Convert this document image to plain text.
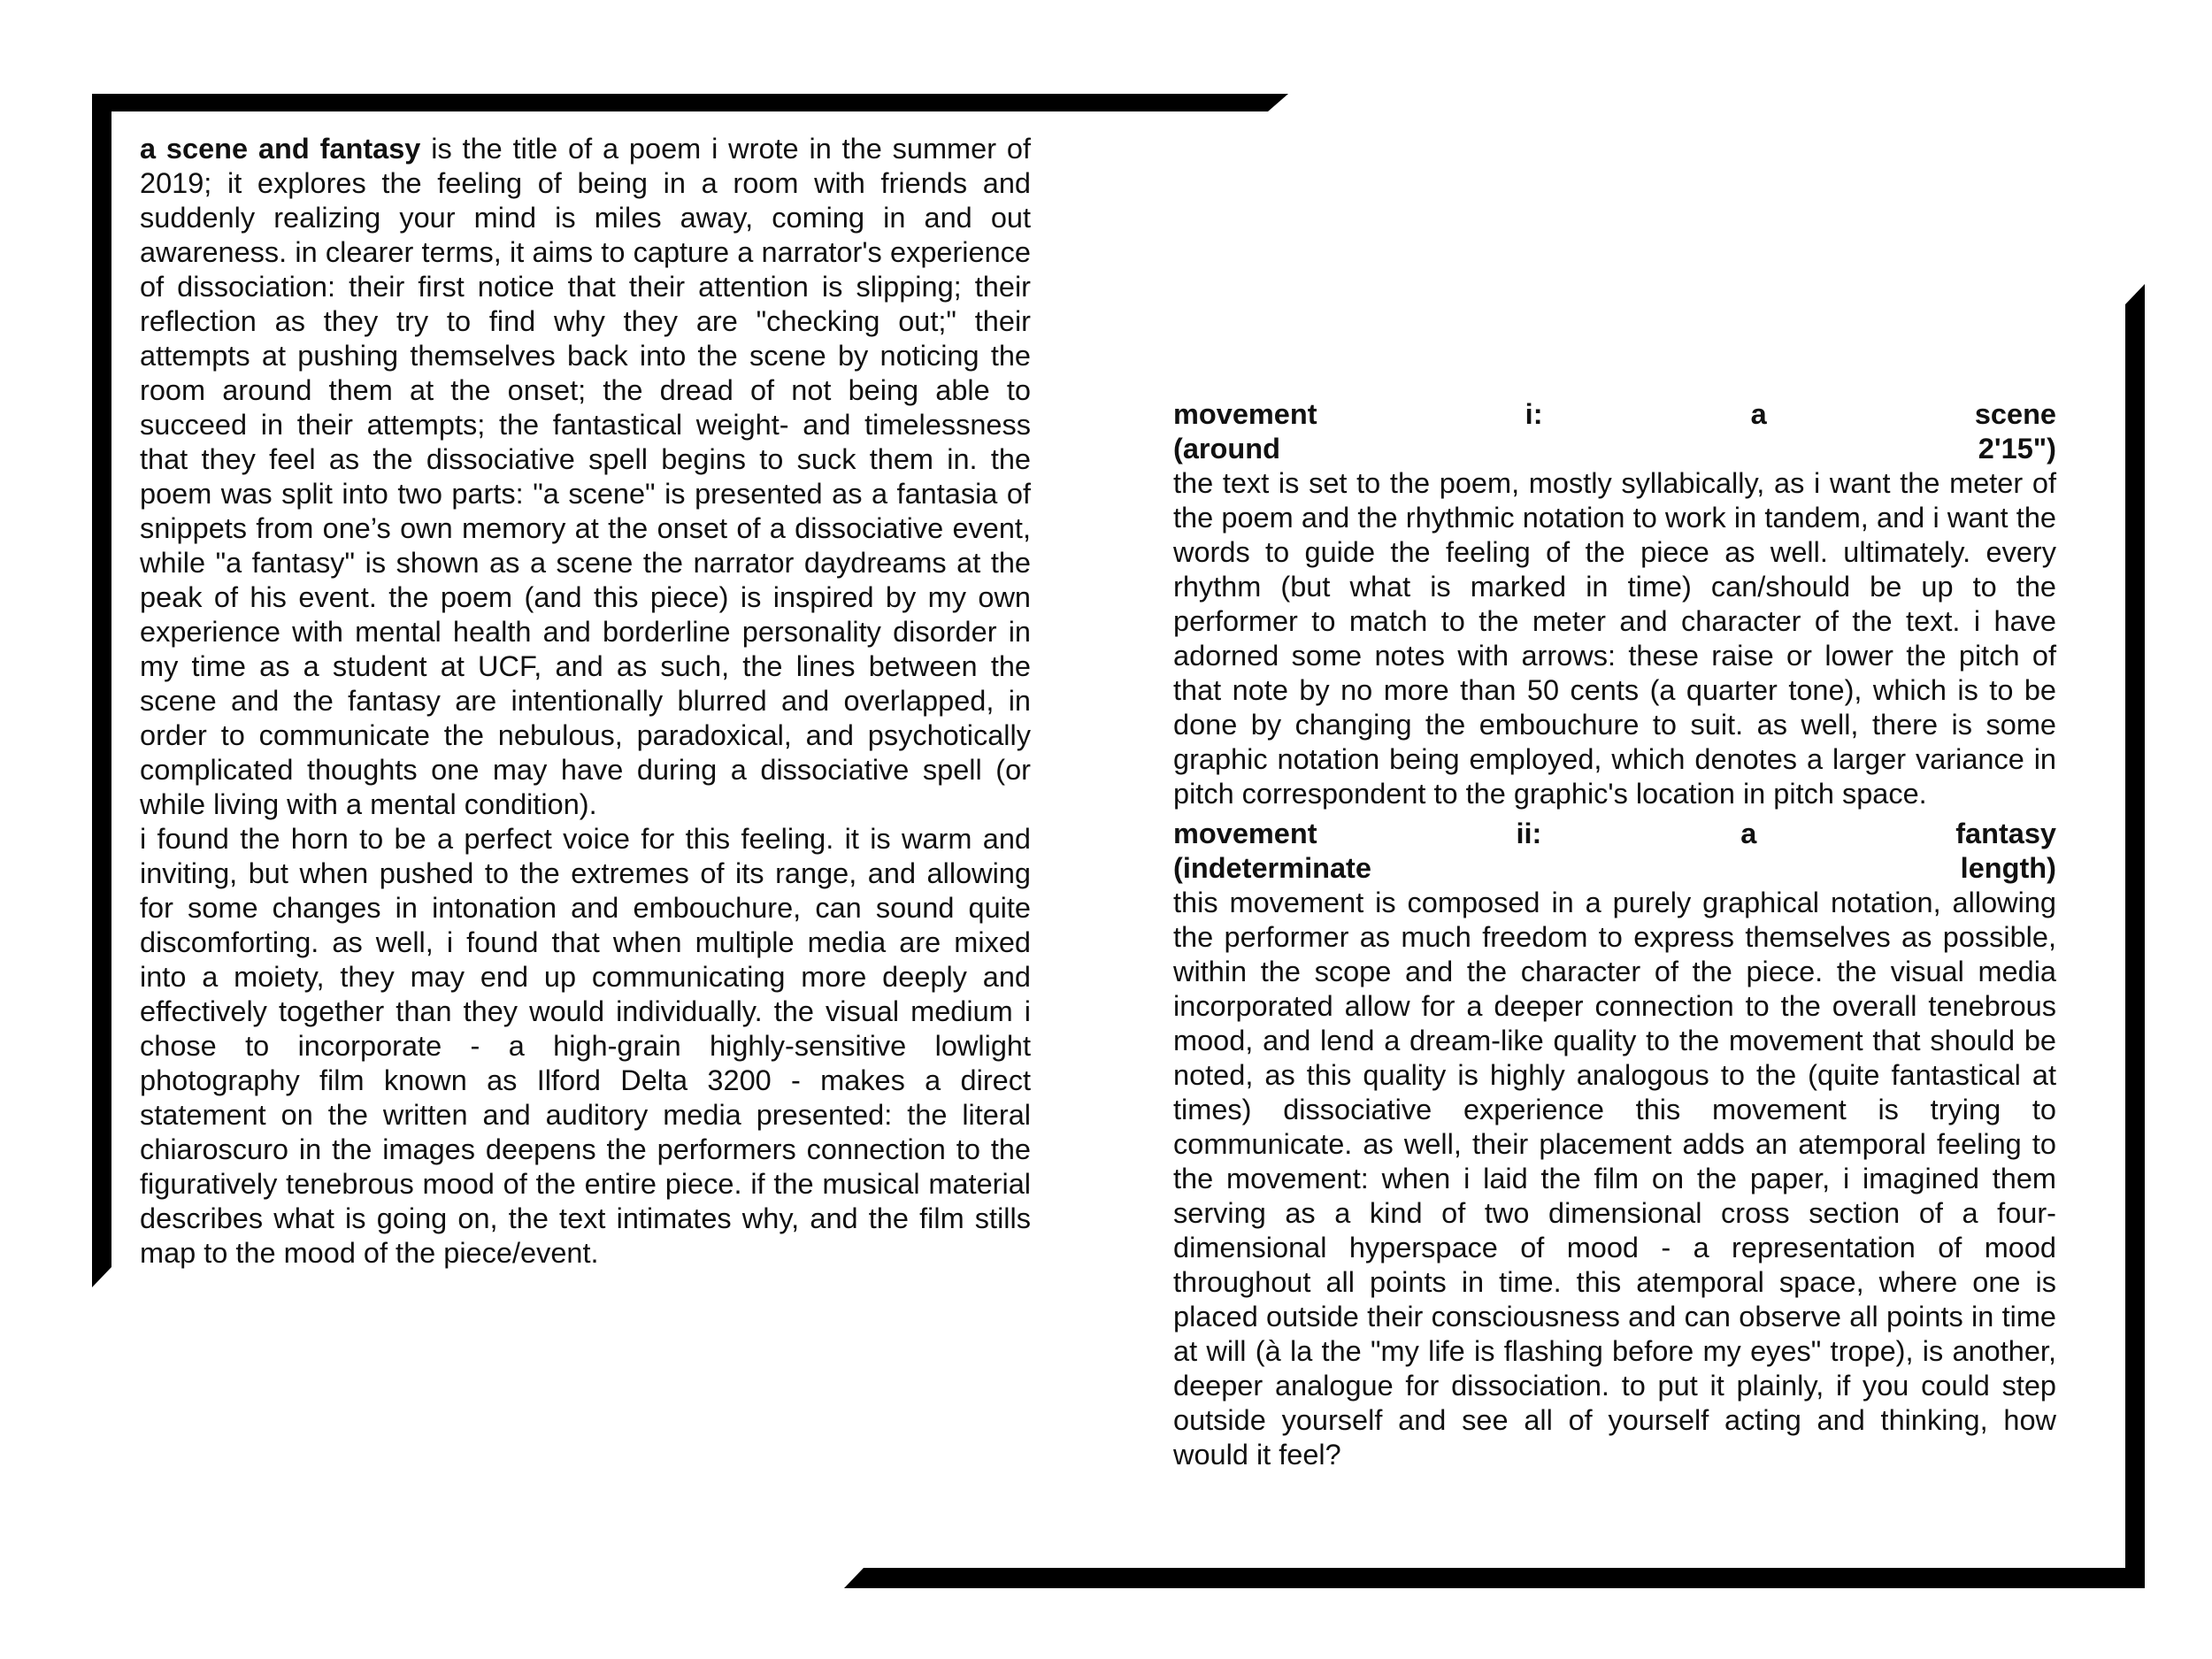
a scene and fantasy is the title of a poem i wrote in the summer of 2019; it explores the feeling of being in a room with friends and suddenly realizing your mind is miles away, coming in and out awareness. in clearer terms, it aims to capture a narrator's experience of dissociation: their first notice that their attention is slipping; their reflection as they try to find why they are "checking out;" their attempts at pushing themselves back into the scene by noticing the room around them at the onset; the dread of not being able to succeed in their attempts; the fantastical weight- and timelessness that they feel as the dissociative spell begins to suck them in. the poem was split into two parts: "a scene" is presented as a fantasia of snippets from one’s own memory at the onset of a dissociative event, while "a fantasy" is shown as a scene the narrator daydreams at the peak of his event. the poem (and this piece) is inspired by my own experience with mental health and borderline personality disorder in my time as a student at UCF, and as such, the lines between the scene and the fantasy are intentionally blurred and overlapped, in order to communicate the nebulous, paradoxical, and psychotically complicated thoughts one may have during a dissociative spell (or while living with a mental condition).

i found the horn to be a perfect voice for this feeling. it is warm and inviting, but when pushed to the extremes of its range, and allowing for some changes in intonation and embouchure, can sound quite discomforting. as well, i found that when multiple media are mixed into a moiety, they may end up communicating more deeply and effectively together than they would individually. the visual medium i chose to incorporate - a high-grain highly-sensitive lowlight photography film known as Ilford Delta 3200 - makes a direct statement on the written and auditory media presented: the literal chiaroscuro in the images deepens the performers connection to the figuratively tenebrous mood of the entire piece. if the musical material describes what is going on, the text intimates why, and the film stills map to the mood of the piece/event.

movement i: a scene
(around 2'15")

the text is set to the poem, mostly syllabically, as i want the meter of the poem and the rhythmic notation to work in tandem, and i want the words to guide the feeling of the piece as well. ultimately. every rhythm (but what is marked in time) can/should be up to the performer to match to the meter and character of the text. i have adorned some notes with arrows: these raise or lower the pitch of that note by no more than 50 cents (a quarter tone), which is to be done by changing the embouchure to suit. as well, there is some graphic notation being employed, which denotes a larger variance in pitch correspondent to the graphic's location in pitch space.

movement ii: a fantasy
(indeterminate length)

this movement is composed in a purely graphical notation, allowing the performer as much freedom to express themselves as possible, within the scope and the character of the piece. the visual media incorporated allow for a deeper connection to the overall tenebrous mood, and lend a dream-like quality to the movement that should be noted, as this quality is highly analogous to the (quite fantastical at times) dissociative experience this movement is trying to communicate. as well, their placement adds an atemporal feeling to the movement: when i laid the film on the paper, i imagined them serving as a kind of two dimensional cross section of a four-dimensional hyperspace of mood - a representation of mood throughout all points in time. this atemporal space, where one is placed outside their consciousness and can observe all points in time at will (à la the "my life is flashing before my eyes" trope), is another, deeper analogue for dissociation. to put it plainly, if you could step outside yourself and see all of yourself acting and thinking, how would it feel?
